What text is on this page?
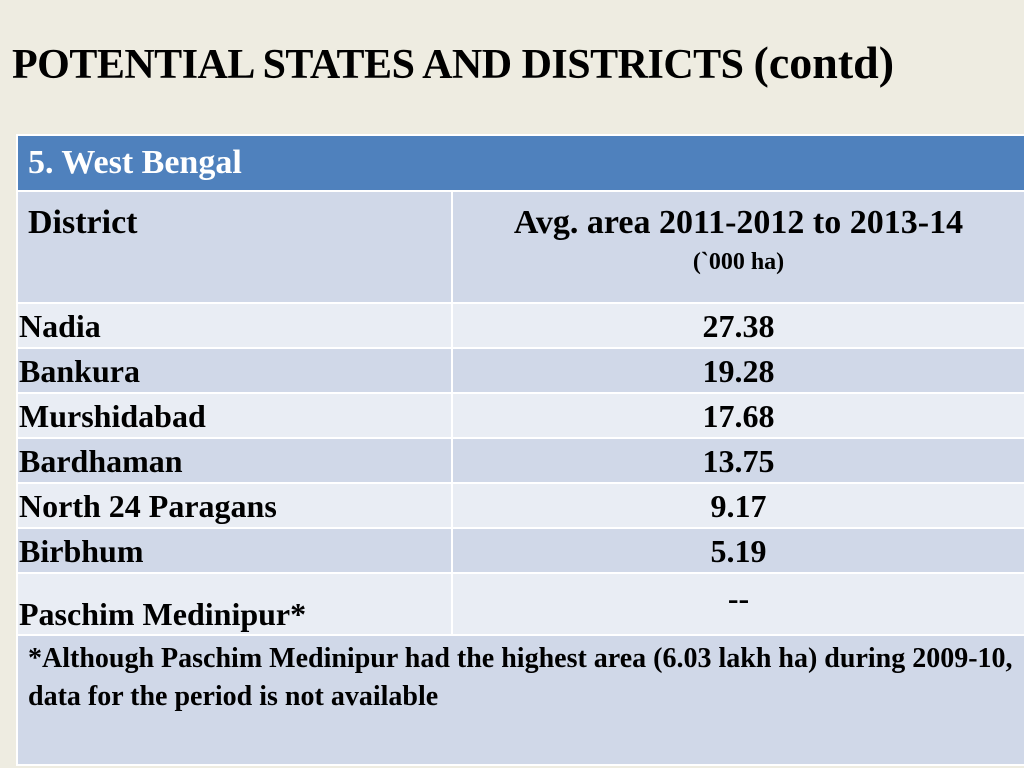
POTENTIAL STATES AND DISTRICTS (contd)
5. West Bengal	
District	Avg. area 2011-2012 to 2013-14
(`000 ha)

Nadia	27.38
Bankura	19.28
Murshidabad	17.68
Bardhaman	13.75
North 24 Paragans	9.17
Birbhum	5.19
Paschim Medinipur*	--
*Although Paschim Medinipur had the highest area (6.03 lakh ha) during 2009-10, data for the period is not available	
